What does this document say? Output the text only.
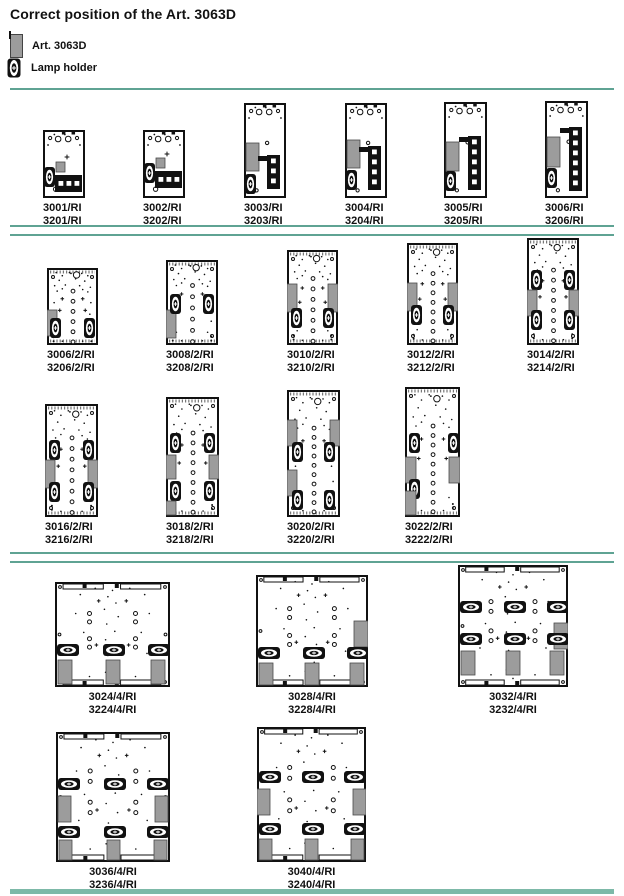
Correct position of the Art. 3063D
Art. 3063D
Lamp holder
3001/RI
3201/RI
3002/RI
3202/RI
3003/RI
3203/RI
3004/RI
3204/RI
3005/RI
3205/RI
3006/RI
3206/RI
3006/2/RI
3206/2/RI
3008/2/RI
3208/2/RI
3010/2/RI
3210/2/RI
3012/2/RI
3212/2/RI
3014/2/RI
3214/2/RI
3016/2/RI
3216/2/RI
3018/2/RI
3218/2/RI
3020/2/RI
3220/2/RI
3022/2/RI
3222/2/RI
3024/4/RI
3224/4/RI
3028/4/RI
3228/4/RI
3032/4/RI
3232/4/RI
3036/4/RI
3236/4/RI
3040/4/RI
3240/4/RI
